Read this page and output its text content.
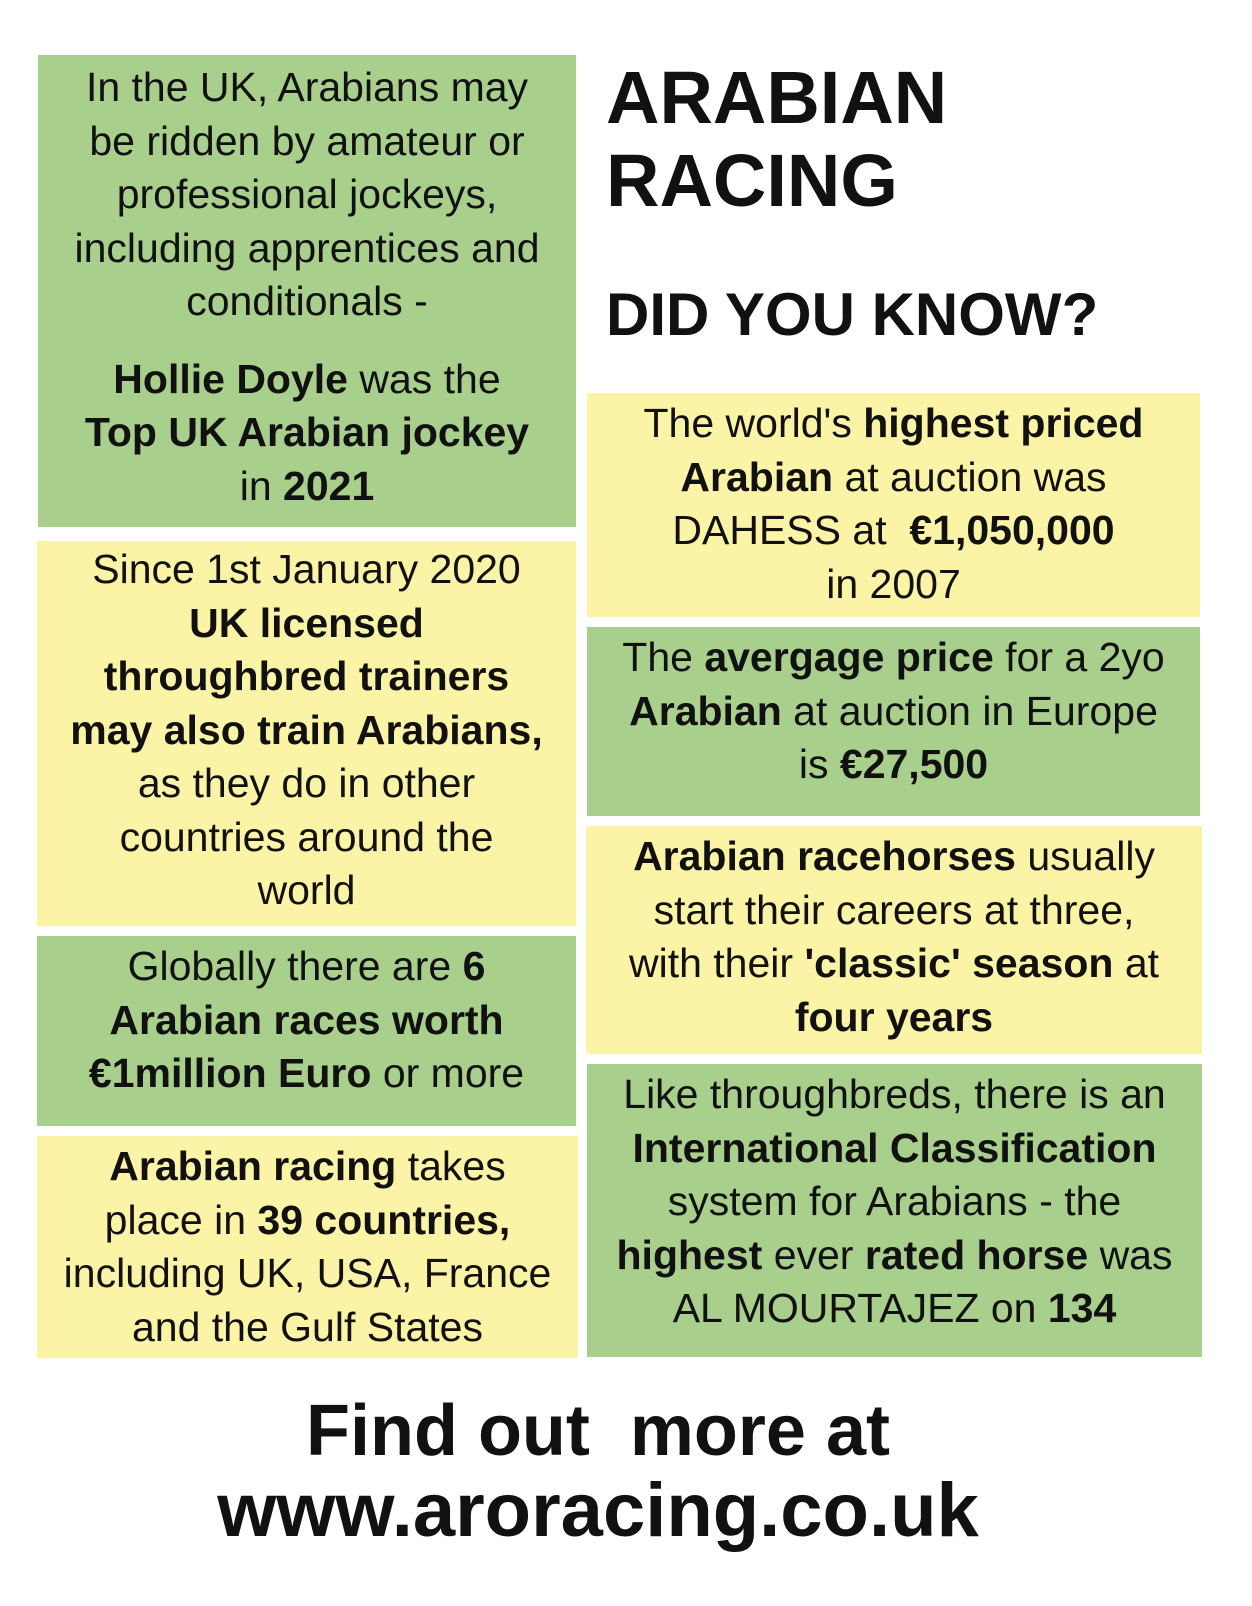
In the UK, Arabians may
be ridden by amateur or
professional jockeys,
including apprentices and
conditionals -
Hollie Doyle was the
Top UK Arabian jockey
in 2021
Since 1st January 2020
UK licensed
throughbred trainers
may also train Arabians,
as they do in other
countries around the
world
Globally there are 6
Arabian races worth
€1million Euro or more
Arabian racing takes
place in 39 countries,
including UK, USA, France
and the Gulf States
ARABIAN
RACING
DID YOU KNOW?
The world's highest priced
Arabian at auction was
DAHESS at  €1,050,000
in 2007
The avergage price for a 2yo
Arabian at auction in Europe
is €27,500
Arabian racehorses usually
start their careers at three,
with their 'classic' season at
four years
Like throughbreds, there is an
International Classification
system for Arabians - the
highest ever rated horse was
AL MOURTAJEZ on 134
Find out  more at
www.aroracing.co.uk
